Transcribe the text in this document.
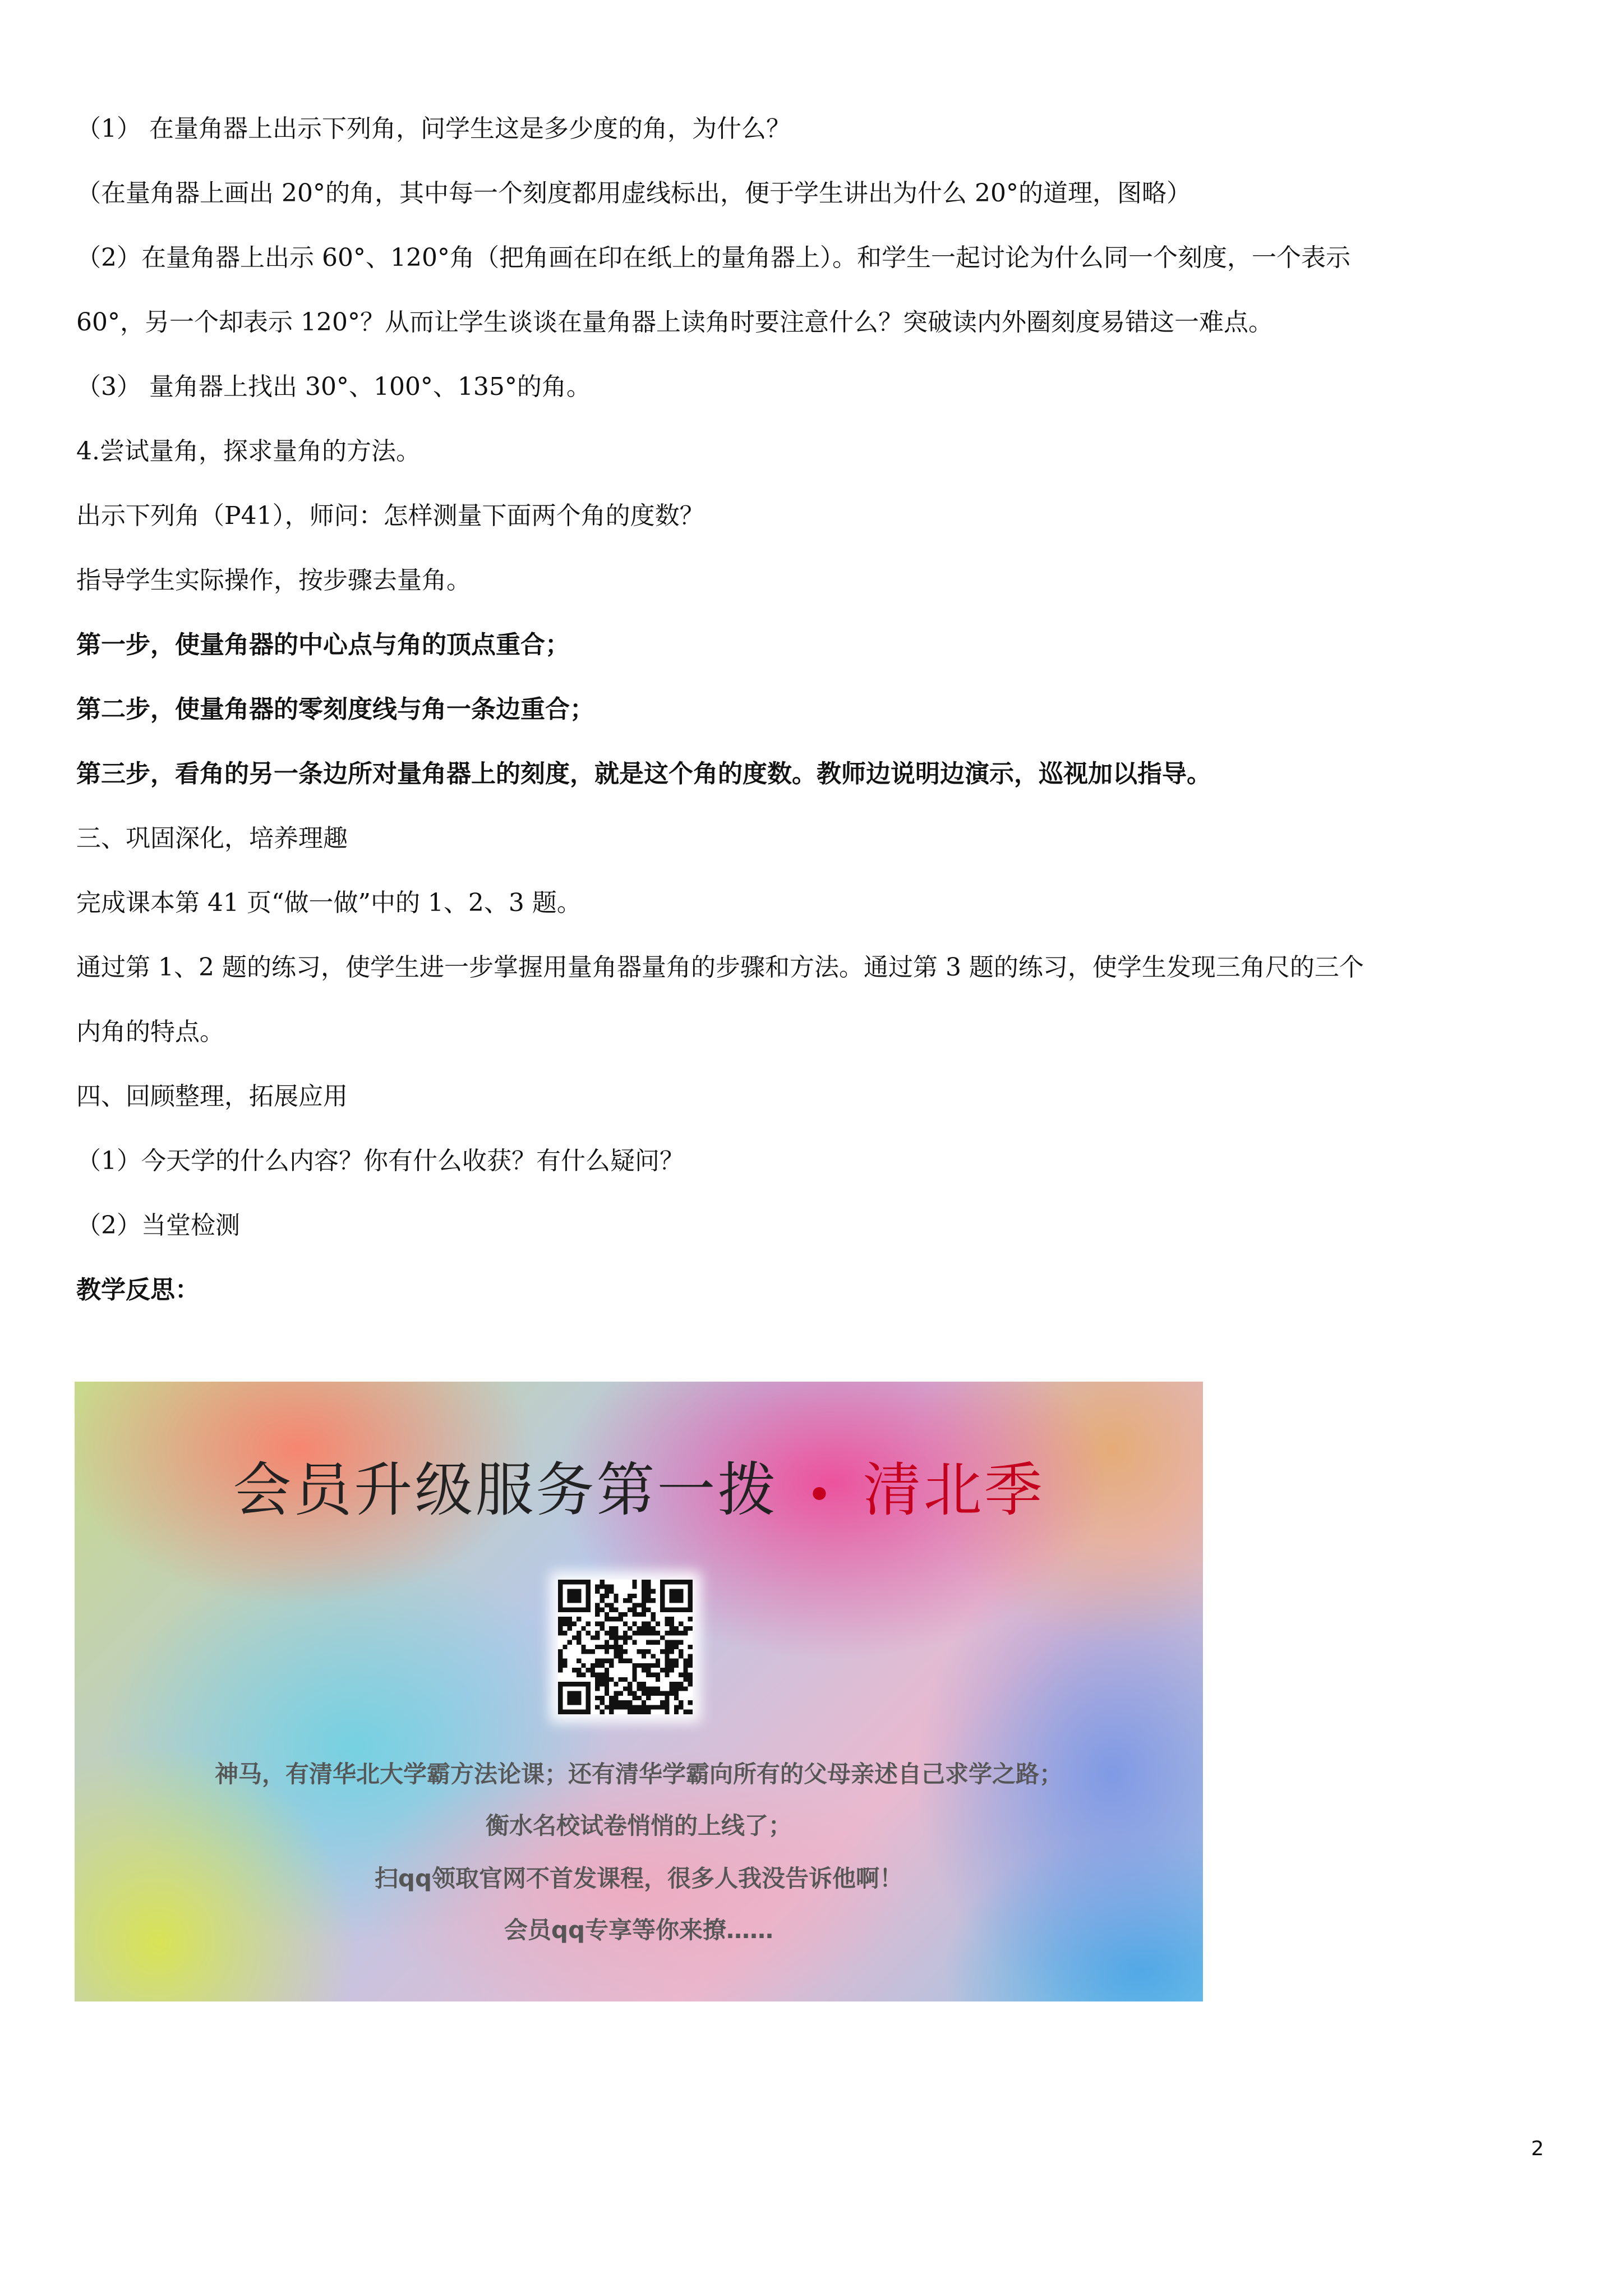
（1） 在量角器上出示下列角，问学生这是多少度的角，为什么？
（在量角器上画出 20°的角，其中每一个刻度都用虚线标出，便于学生讲出为什么 20°的道理，图略）
（2）在量角器上出示 60°、120°角（把角画在印在纸上的量角器上）。和学生一起讨论为什么同一个刻度，一个表示
60°，另一个却表示 120°？从而让学生谈谈在量角器上读角时要注意什么？突破读内外圈刻度易错这一难点。
（3） 量角器上找出 30°、100°、135°的角。
4.尝试量角，探求量角的方法。
出示下列角（P41），师问：怎样测量下面两个角的度数？
指导学生实际操作，按步骤去量角。
第一步，使量角器的中心点与角的顶点重合；
第二步，使量角器的零刻度线与角一条边重合；
第三步，看角的另一条边所对量角器上的刻度，就是这个角的度数。教师边说明边演示，巡视加以指导。
三、巩固深化，培养理趣
完成课本第 41 页“做一做”中的 1、2、3 题。
通过第 1、2 题的练习，使学生进一步掌握用量角器量角的步骤和方法。通过第 3 题的练习，使学生发现三角尺的三个
内角的特点。
四、回顾整理，拓展应用
（1）今天学的什么内容？你有什么收获？有什么疑问？
（2）当堂检测
教学反思：
会员升级服务第一拨 • 清北季
神马，有清华北大学霸方法论课；还有清华学霸向所有的父母亲述自己求学之路；
衡水名校试卷悄悄的上线了；
扫qq领取官网不首发课程，很多人我没告诉他啊！
会员qq专享等你来撩……
2
